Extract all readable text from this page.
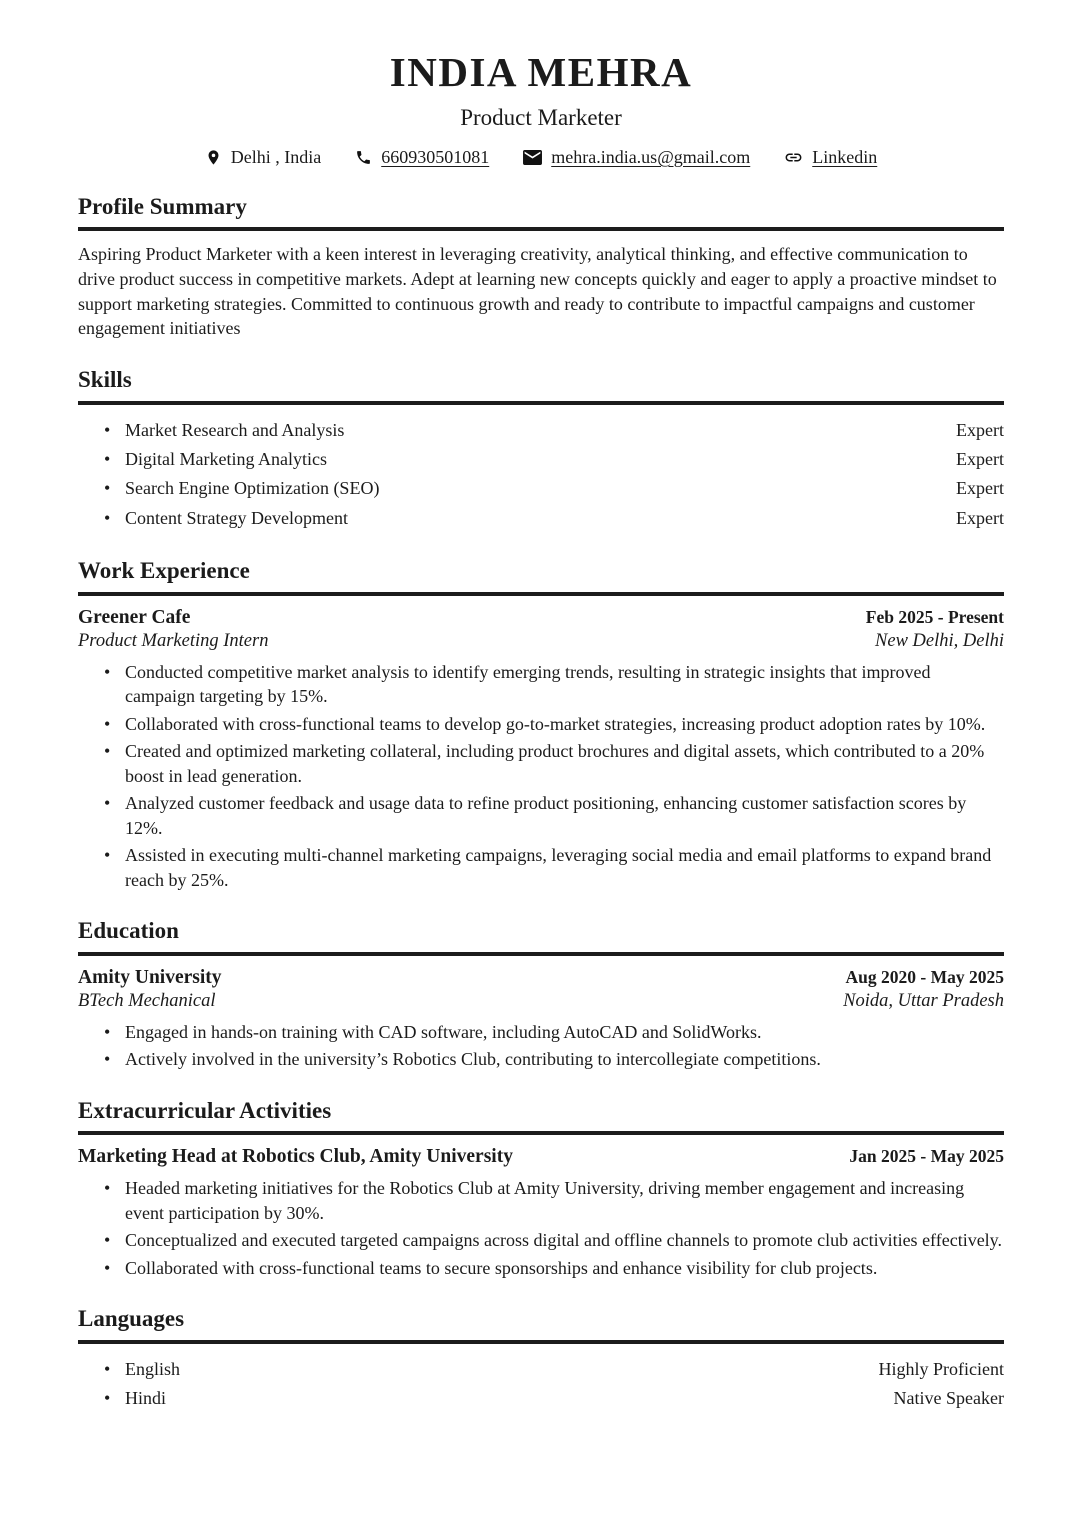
INDIA MEHRA
Product Marketer
Delhi , India	660930501081	mehra.india.us@gmail.com	Linkedin
Profile Summary
Aspiring Product Marketer with a keen interest in leveraging creativity, analytical thinking, and effective communication to drive product success in competitive markets. Adept at learning new concepts quickly and eager to apply a proactive mindset to support marketing strategies. Committed to continuous growth and ready to contribute to impactful campaigns and customer engagement initiatives
Skills
• Market Research and Analysis	Expert
• Digital Marketing Analytics	Expert
• Search Engine Optimization (SEO)	Expert
• Content Strategy Development	Expert
Work Experience
Greener Cafe	Feb 2025 - Present
Product Marketing Intern	New Delhi, Delhi
• Conducted competitive market analysis to identify emerging trends, resulting in strategic insights that improved campaign targeting by 15%.
• Collaborated with cross-functional teams to develop go-to-market strategies, increasing product adoption rates by 10%.
• Created and optimized marketing collateral, including product brochures and digital assets, which contributed to a 20% boost in lead generation.
• Analyzed customer feedback and usage data to refine product positioning, enhancing customer satisfaction scores by 12%.
• Assisted in executing multi-channel marketing campaigns, leveraging social media and email platforms to expand brand reach by 25%.
Education
Amity University	Aug 2020 - May 2025
BTech Mechanical	Noida, Uttar Pradesh
• Engaged in hands-on training with CAD software, including AutoCAD and SolidWorks.
• Actively involved in the university’s Robotics Club, contributing to intercollegiate competitions.
Extracurricular Activities
Marketing Head at Robotics Club, Amity University	Jan 2025 - May 2025
• Headed marketing initiatives for the Robotics Club at Amity University, driving member engagement and increasing event participation by 30%.
• Conceptualized and executed targeted campaigns across digital and offline channels to promote club activities effectively.
• Collaborated with cross-functional teams to secure sponsorships and enhance visibility for club projects.
Languages
• English	Highly Proficient
• Hindi	Native Speaker
